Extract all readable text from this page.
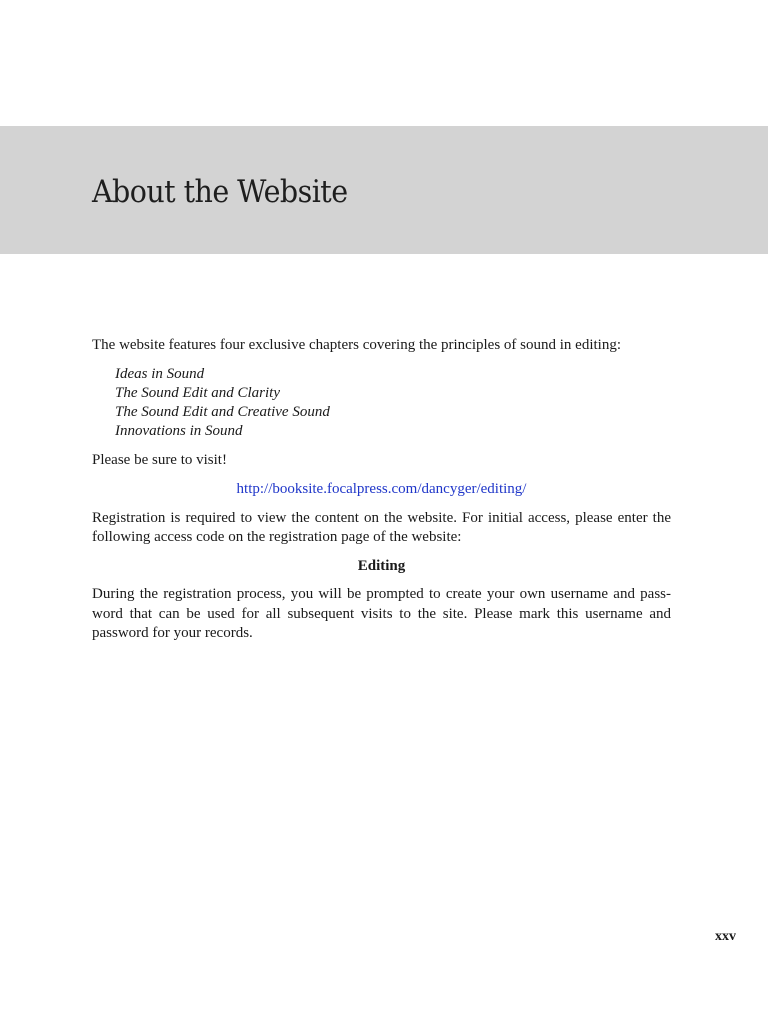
About the Website

The website features four exclusive chapters covering the principles of sound in editing:

Ideas in Sound
The Sound Edit and Clarity
The Sound Edit and Creative Sound
Innovations in Sound

Please be sure to visit!

http://booksite.focalpress.com/dancyger/editing/

Registration is required to view the content on the website. For initial access, please enter the following access code on the registration page of the website:

Editing

During the registration process, you will be prompted to create your own username and pass-word that can be used for all subsequent visits to the site. Please mark this username and password for your records.

xxv
